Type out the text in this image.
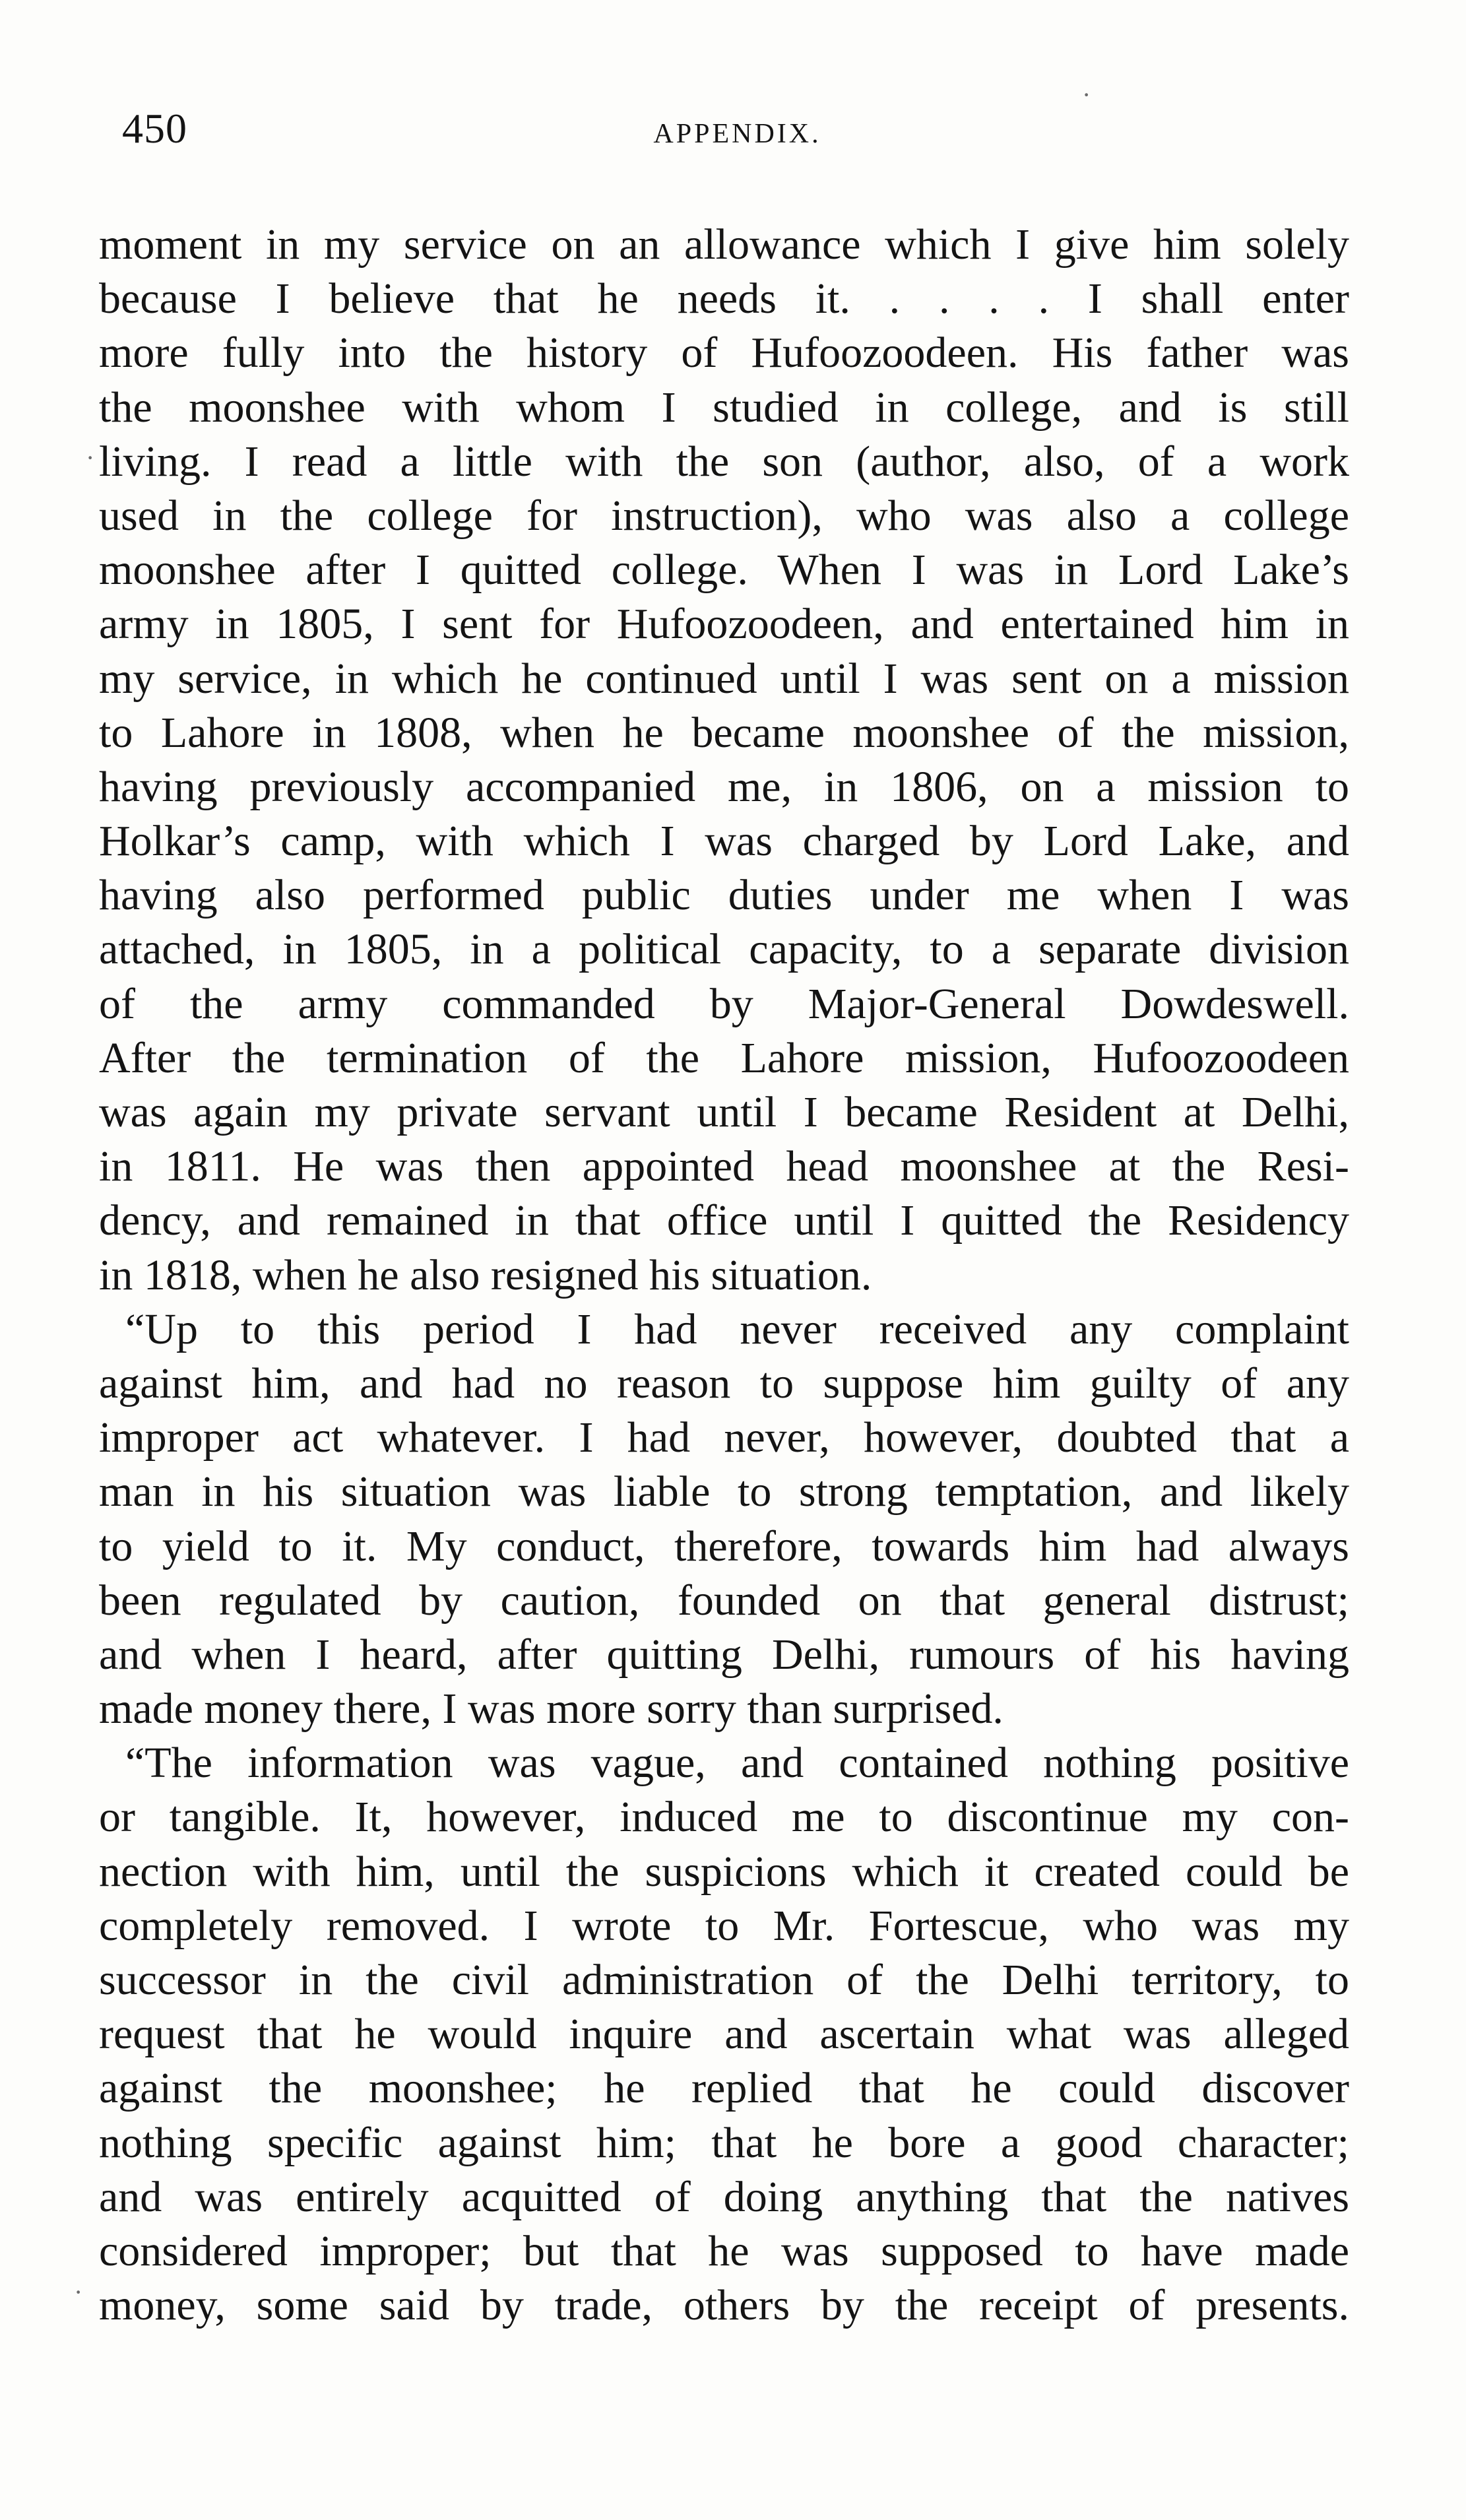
450	APPENDIX.
·
·
·
moment in my service on an allowance which I give him solely
because I believe that he needs it. . . . . I shall enter
more fully into the history of Hufoozoodeen. His father was
the moonshee with whom I studied in college, and is still
living. I read a little with the son (author, also, of a work
used in the college for instruction), who was also a college
moonshee after I quitted college. When I was in Lord Lake’s
army in 1805, I sent for Hufoozoodeen, and entertained him in
my service, in which he continued until I was sent on a mission
to Lahore in 1808, when he became moonshee of the mission,
having previously accompanied me, in 1806, on a mission to
Holkar’s camp, with which I was charged by Lord Lake, and
having also performed public duties under me when I was
attached, in 1805, in a political capacity, to a separate division
of the army commanded by Major-General Dowdeswell.
After the termination of the Lahore mission, Hufoozoodeen
was again my private servant until I became Resident at Delhi,
in 1811. He was then appointed head moonshee at the Resi-
dency, and remained in that office until I quitted the Residency
in 1818, when he also resigned his situation.
“Up to this period I had never received any complaint
against him, and had no reason to suppose him guilty of any
improper act whatever. I had never, however, doubted that a
man in his situation was liable to strong temptation, and likely
to yield to it. My conduct, therefore, towards him had always
been regulated by caution, founded on that general distrust;
and when I heard, after quitting Delhi, rumours of his having
made money there, I was more sorry than surprised.
“The information was vague, and contained nothing positive
or tangible. It, however, induced me to discontinue my con-
nection with him, until the suspicions which it created could be
completely removed. I wrote to Mr. Fortescue, who was my
successor in the civil administration of the Delhi territory, to
request that he would inquire and ascertain what was alleged
against the moonshee; he replied that he could discover
nothing specific against him; that he bore a good character;
and was entirely acquitted of doing anything that the natives
considered improper; but that he was supposed to have made
money, some said by trade, others by the receipt of presents.
